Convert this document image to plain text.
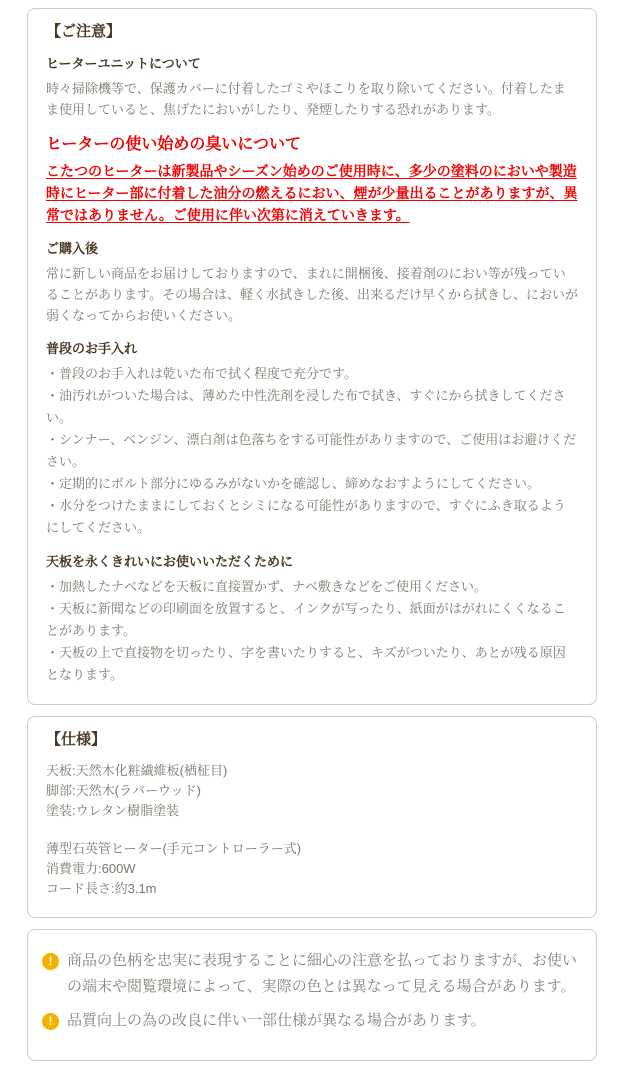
【ご注意】
ヒーターユニットについて

時々掃除機等で、保護カバーに付着したゴミやほこりを取り除いてください。付着したまま使用していると、焦げたにおいがしたり、発煙したりする恐れがあります。

ヒーターの使い始めの臭いについて

こたつのヒーターは新製品やシーズン始めのご使用時に、多少の塗料のにおいや製造時にヒーター部に付着した油分の燃えるにおい、煙が少量出ることがありますが、異常ではありません。ご使用に伴い次第に消えていきます。

ご購入後

常に新しい商品をお届けしておりますので、まれに開梱後、接着剤のにおい等が残っていることがあります。その場合は、軽く水拭きした後、出来るだけ早くから拭きし、においが弱くなってからお使いください。

普段のお手入れ
・普段のお手入れは乾いた布で拭く程度で充分です。
・油汚れがついた場合は、薄めた中性洗剤を浸した布で拭き、すぐにから拭きしてください。
・シンナー、ベンジン、漂白剤は色落ちをする可能性がありますので、ご使用はお避けください。
・定期的にボルト部分にゆるみがないかを確認し、締めなおすようにしてください。
・水分をつけたままにしておくとシミになる可能性がありますので、すぐにふき取るようにしてください。
天板を永くきれいにお使いいただくために
・加熱したナベなどを天板に直接置かず、ナベ敷きなどをご使用ください。
・天板に新聞などの印刷面を放置すると、インクが写ったり、紙面がはがれにくくなることがあります。
・天板の上で直接物を切ったり、字を書いたりすると、キズがついたり、あとが残る原因となります。
【仕様】
天板:天然木化粧繊維板(楢柾目)
脚部:天然木(ラバーウッド)
塗装:ウレタン樹脂塗装
薄型石英管ヒーター(手元コントローラー式)
消費電力:600W
コード長さ:約3.1m
! 商品の色柄を忠実に表現することに細心の注意を払っておりますが、お使いの端末や閲覧環境によって、実際の色とは異なって見える場合があります。

! 品質向上の為の改良に伴い一部仕様が異なる場合があります。
